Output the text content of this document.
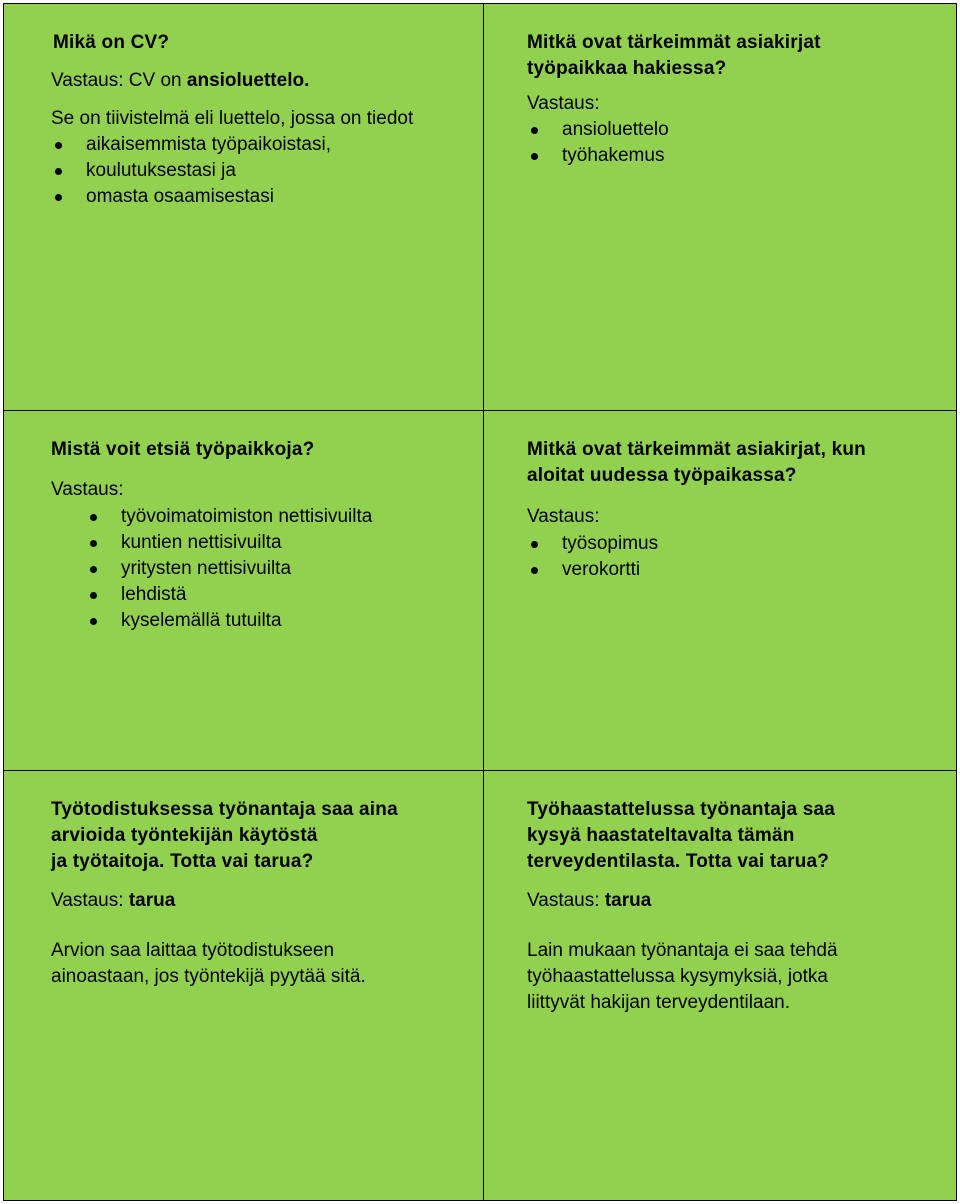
Mikä on CV?

Vastaus: CV on ansioluettelo.

Se on tiivistelmä eli luettelo, jossa on tiedot

aikaisemmista työpaikoistasi,
koulutuksestasi ja
omasta osaamisestasi

Mitkä ovat tärkeimmät asiakirjat

työpaikkaa hakiessa?

Vastaus:

ansioluettelo
työhakemus

Mistä voit etsiä työpaikkoja?

Vastaus:

työvoimatoimiston nettisivuilta
kuntien nettisivuilta
yritysten nettisivuilta
lehdistä
kyselemällä tutuilta

Mitkä ovat tärkeimmät asiakirjat, kun

aloitat uudessa työpaikassa?

Vastaus:

työsopimus
verokortti

Työtodistuksessa työnantaja saa aina

arvioida työntekijän käytöstä

ja työtaitoja. Totta vai tarua?

Vastaus: tarua

Arvion saa laittaa työtodistukseen

ainoastaan, jos työntekijä pyytää sitä.

Työhaastattelussa työnantaja saa

kysyä haastateltavalta tämän

terveydentilasta. Totta vai tarua?

Vastaus: tarua

Lain mukaan työnantaja ei saa tehdä

työhaastattelussa kysymyksiä, jotka

liittyvät hakijan terveydentilaan.
